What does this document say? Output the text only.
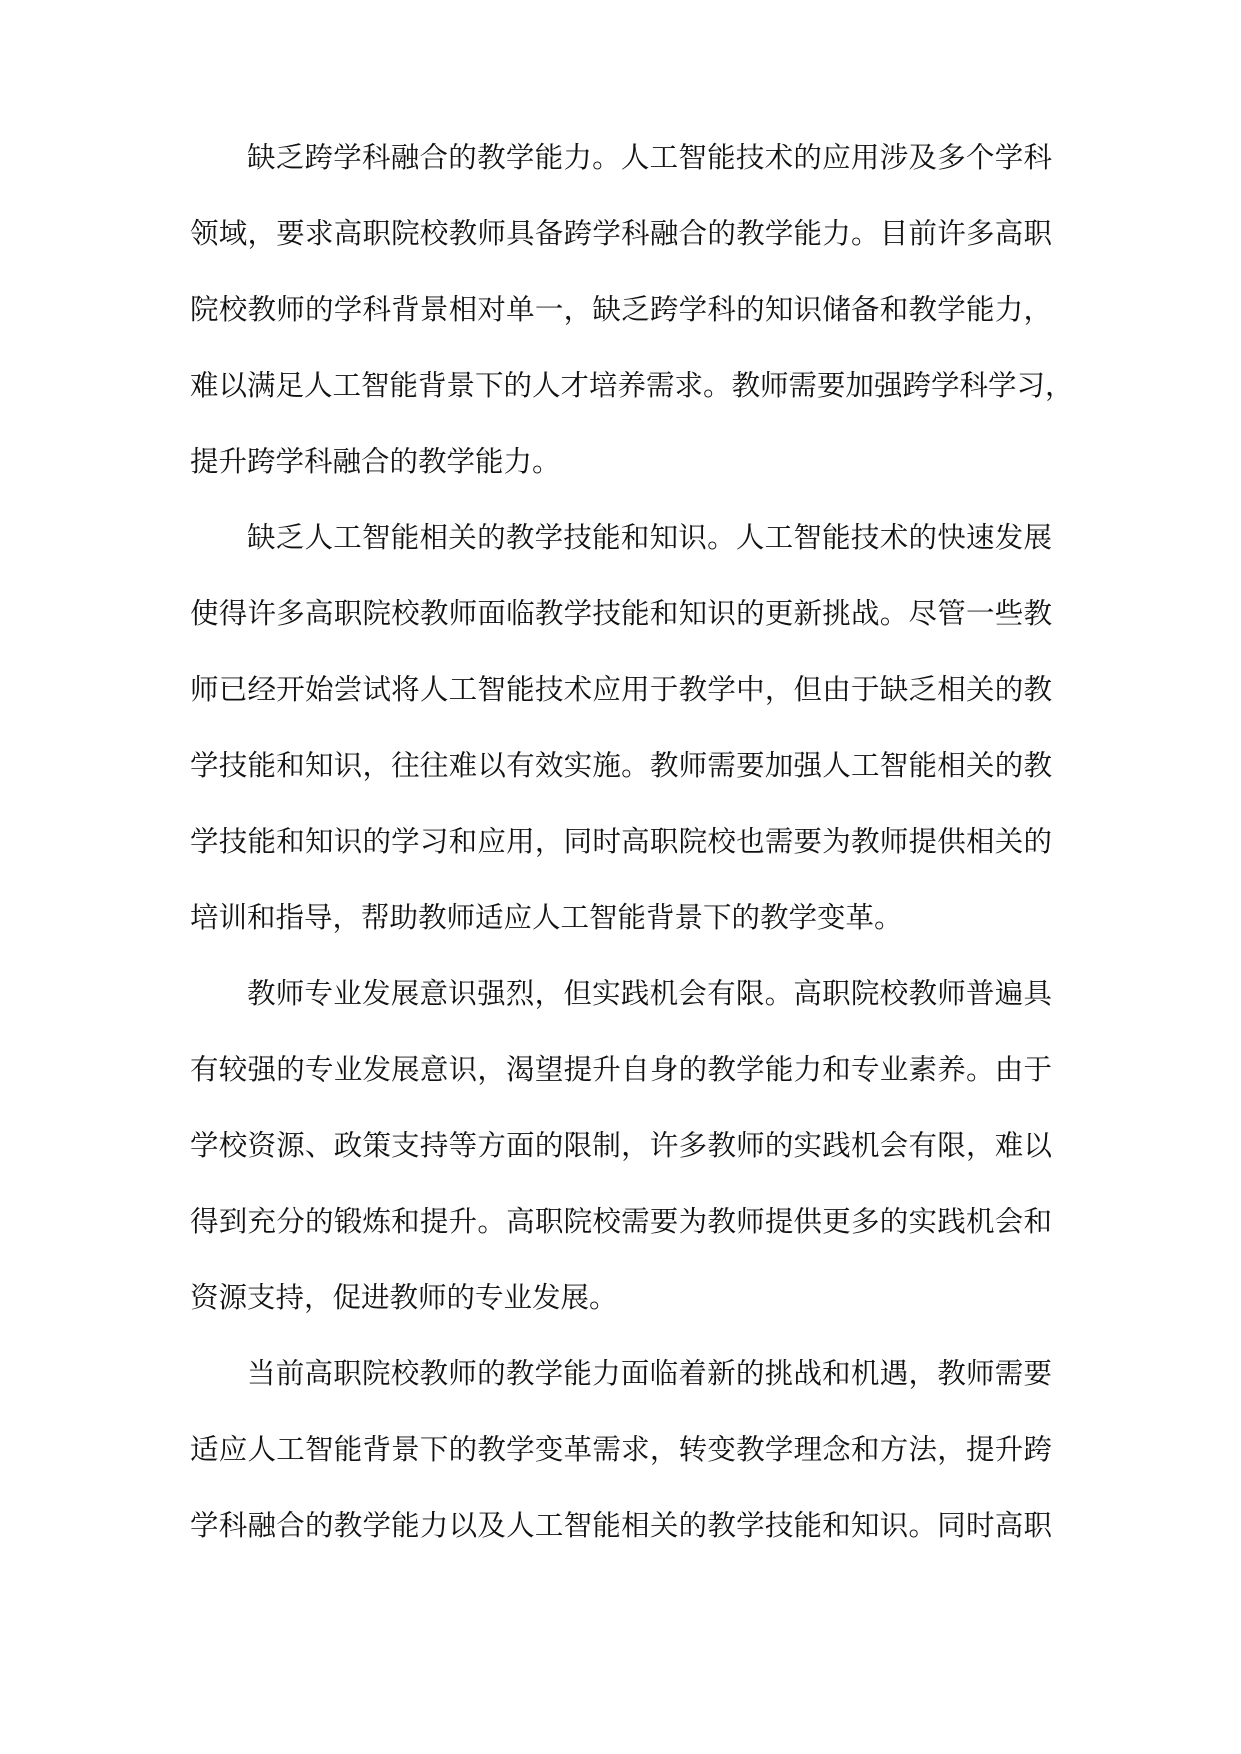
缺乏跨学科融合的教学能力。人工智能技术的应用涉及多个学科
领域，要求高职院校教师具备跨学科融合的教学能力。目前许多高职
院校教师的学科背景相对单一，缺乏跨学科的知识储备和教学能力，
难以满足人工智能背景下的人才培养需求。教师需要加强跨学科学习，
提升跨学科融合的教学能力。
缺乏人工智能相关的教学技能和知识。人工智能技术的快速发展
使得许多高职院校教师面临教学技能和知识的更新挑战。尽管一些教
师已经开始尝试将人工智能技术应用于教学中，但由于缺乏相关的教
学技能和知识，往往难以有效实施。教师需要加强人工智能相关的教
学技能和知识的学习和应用，同时高职院校也需要为教师提供相关的
培训和指导，帮助教师适应人工智能背景下的教学变革。
教师专业发展意识强烈，但实践机会有限。高职院校教师普遍具
有较强的专业发展意识，渴望提升自身的教学能力和专业素养。由于
学校资源、政策支持等方面的限制，许多教师的实践机会有限，难以
得到充分的锻炼和提升。高职院校需要为教师提供更多的实践机会和
资源支持，促进教师的专业发展。
当前高职院校教师的教学能力面临着新的挑战和机遇，教师需要
适应人工智能背景下的教学变革需求，转变教学理念和方法，提升跨
学科融合的教学能力以及人工智能相关的教学技能和知识。同时高职
